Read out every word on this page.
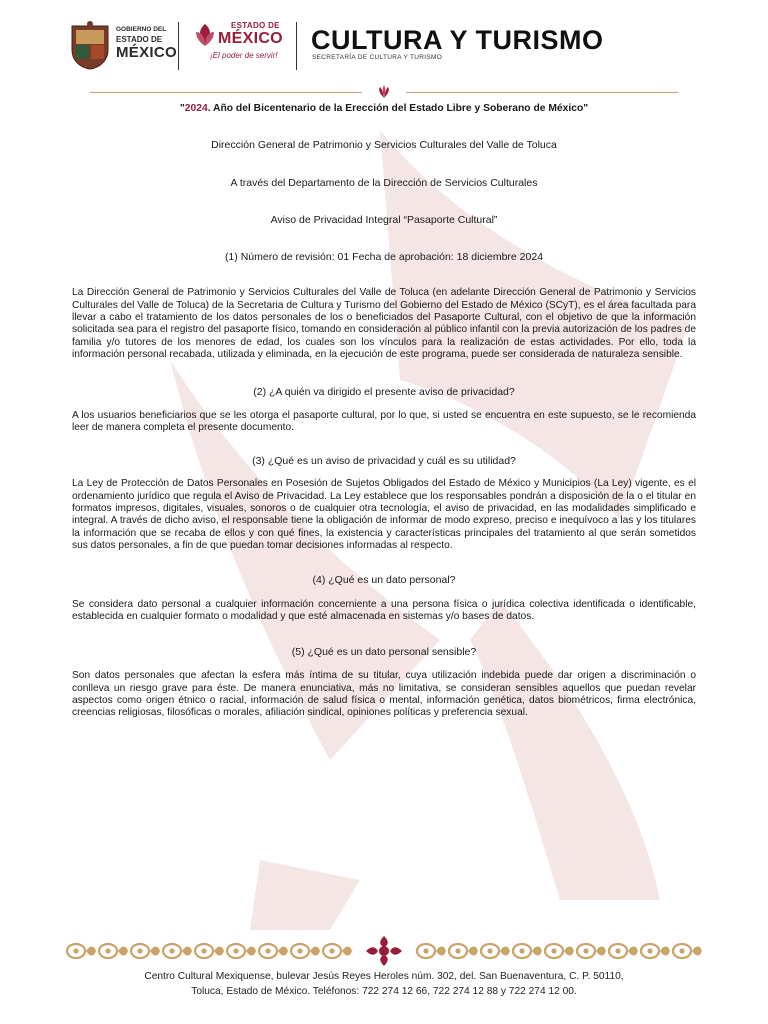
GOBIERNO DEL
ESTADO DE
MÉXICO
ESTADO DE
MÉXICO
¡El poder de servir!
CULTURA Y TURISMO
SECRETARÍA DE CULTURA Y TURISMO

"2024. Año del Bicentenario de la Erección del Estado Libre y Soberano de México"

Dirección General de Patrimonio y Servicios Culturales del Valle de Toluca

A través del Departamento de la Dirección de Servicios Culturales

Aviso de Privacidad Integral “Pasaporte Cultural”

(1) Número de revisión: 01 Fecha de aprobación: 18 diciembre 2024

La Dirección General de Patrimonio y Servicios Culturales del Valle de Toluca (en adelante Dirección General de Patrimonio y Servicios Culturales del Valle de Toluca) de la Secretaria de Cultura y Turismo del Gobierno del Estado de México (SCyT), es el área facultada para llevar a cabo el tratamiento de los datos personales de los o beneficiados del Pasaporte Cultural, con el objetivo de que la información solicitada sea para el registro del pasaporte físico, tomando en consideración al público infantil con la previa autorización de los padres de familia y/o tutores de los menores de edad, los cuales son los vínculos para la realización de estas actividades. Por ello, toda la información personal recabada, utilizada y eliminada, en la ejecución de este programa, puede ser considerada de naturaleza sensible.

(2) ¿A quién va dirigido el presente aviso de privacidad?

A los usuarios beneficiarios que se les otorga el pasaporte cultural, por lo que, si usted se encuentra en este supuesto, se le recomienda leer de manera completa el presente documento.

(3) ¿Qué es un aviso de privacidad y cuál es su utilidad?

La Ley de Protección de Datos Personales en Posesión de Sujetos Obligados del Estado de México y Municipios (La Ley) vigente, es el ordenamiento jurídico que regula el Aviso de Privacidad. La Ley establece que los responsables pondrán a disposición de la o el titular en formatos impresos, digitales, visuales, sonoros o de cualquier otra tecnología, el aviso de privacidad, en las modalidades simplificado e integral. A través de dicho aviso, el responsable tiene la obligación de informar de modo expreso, preciso e inequívoco a las y los titulares la información que se recaba de ellos y con qué fines, la existencia y características principales del tratamiento al que serán sometidos sus datos personales, a fin de que puedan tomar decisiones informadas al respecto.

(4) ¿Qué es un dato personal?

Se considera dato personal a cualquier información concerniente a una persona física o jurídica colectiva identificada o identificable, establecida en cualquier formato o modalidad y que esté almacenada en sistemas y/o bases de datos.

(5) ¿Qué es un dato personal sensible?

Son datos personales que afectan la esfera más íntima de su titular, cuya utilización indebida puede dar origen a discriminación o conlleva un riesgo grave para éste. De manera enunciativa, más no limitativa, se consideran sensibles aquellos que puedan revelar aspectos como origen étnico o racial, información de salud física o mental, información genética, datos biométricos, firma electrónica, creencias religiosas, filosóficas o morales, afiliación sindical, opiniones políticas y preferencia sexual.

Centro Cultural Mexiquense, bulevar Jesús Reyes Heroles núm. 302, del. San Buenaventura, C. P. 50110,
Toluca, Estado de México. Teléfonos: 722 274 12 66, 722 274 12 88 y 722 274 12 00.
